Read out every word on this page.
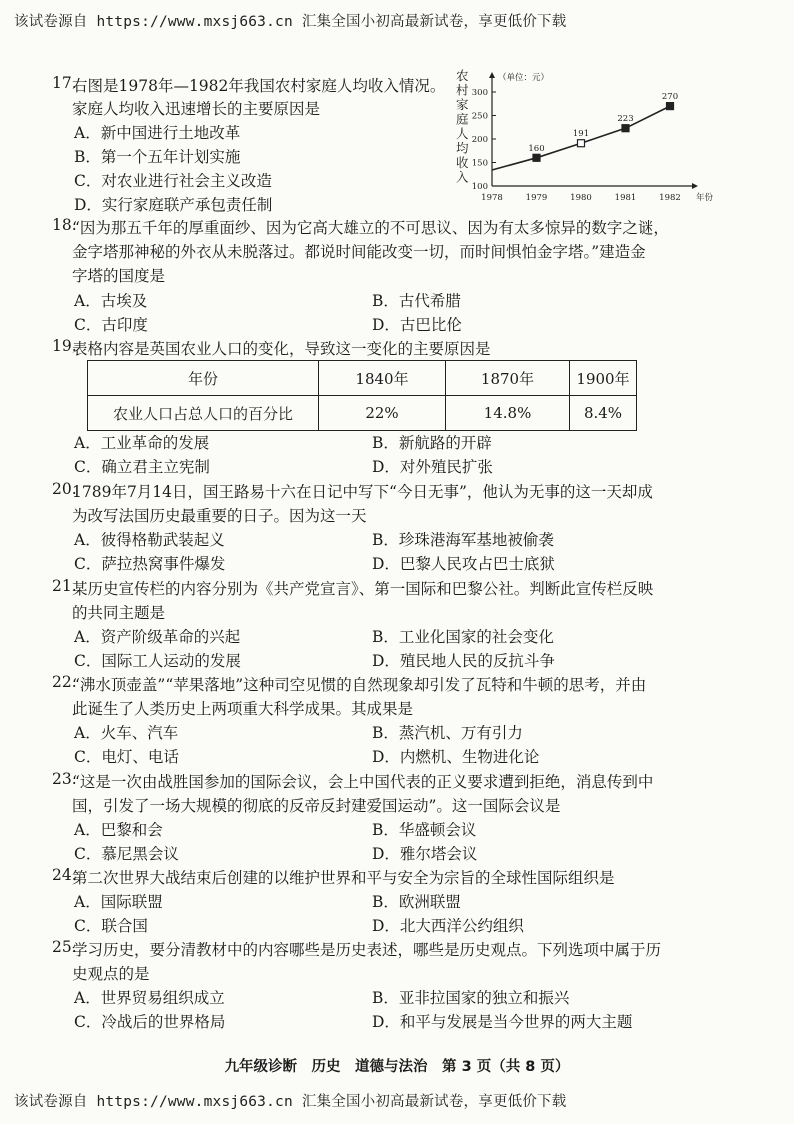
该试卷源自 https://www.mxsj663.cn 汇集全国小初高最新试卷，享更低价下载
17.
右图是1978年—1982年我国农村家庭人均收入情况。
家庭人均收入迅速增长的主要原因是
A．新中国进行土地改革
B．第一个五年计划实施
C．对农业进行社会主义改造
D．实行家庭联产承包责任制
（单位：元）
农
村
家
庭
人
均
收
入
100
150
200
250
300
1978	1979	1980	1981	1982 年份
160
191
223
270
18.
“因为那五千年的厚重面纱、因为它高大雄立的不可思议、因为有太多惊异的数字之谜，
金字塔那神秘的外衣从未脱落过。都说时间能改变一切，而时间惧怕金字塔。”建造金
字塔的国度是
A．古埃及	B．古代希腊
C．古印度	D．古巴比伦
19.
表格内容是英国农业人口的变化，导致这一变化的主要原因是
年份	1840年	1870年	1900年
农业人口占总人口的百分比	22%	14.8%	8.4%
A．工业革命的发展	B．新航路的开辟
C．确立君主立宪制	D．对外殖民扩张
20.
1789年7月14日，国王路易十六在日记中写下“今日无事”，他认为无事的这一天却成
为改写法国历史最重要的日子。因为这一天
A．彼得格勒武装起义	B．珍珠港海军基地被偷袭
C．萨拉热窝事件爆发	D．巴黎人民攻占巴士底狱
21.
某历史宣传栏的内容分别为《共产党宣言》、第一国际和巴黎公社。判断此宣传栏反映
的共同主题是
A．资产阶级革命的兴起	B．工业化国家的社会变化
C．国际工人运动的发展	D．殖民地人民的反抗斗争
22.
“沸水顶壶盖”“苹果落地”这种司空见惯的自然现象却引发了瓦特和牛顿的思考，并由
此诞生了人类历史上两项重大科学成果。其成果是
A．火车、汽车	B．蒸汽机、万有引力
C．电灯、电话	D．内燃机、生物进化论
23.
“这是一次由战胜国参加的国际会议，会上中国代表的正义要求遭到拒绝，消息传到中
国，引发了一场大规模的彻底的反帝反封建爱国运动”。这一国际会议是
A．巴黎和会	B．华盛顿会议
C．慕尼黑会议	D．雅尔塔会议
24.
第二次世界大战结束后创建的以维护世界和平与安全为宗旨的全球性国际组织是
A．国际联盟	B．欧洲联盟
C．联合国	D．北大西洋公约组织
25.
学习历史，要分清教材中的内容哪些是历史表述，哪些是历史观点。下列选项中属于历
史观点的是
A．世界贸易组织成立	B．亚非拉国家的独立和振兴
C．冷战后的世界格局	D．和平与发展是当今世界的两大主题
九年级诊断　历史　道德与法治　第 3 页（共 8 页）
该试卷源自 https://www.mxsj663.cn 汇集全国小初高最新试卷，享更低价下载
